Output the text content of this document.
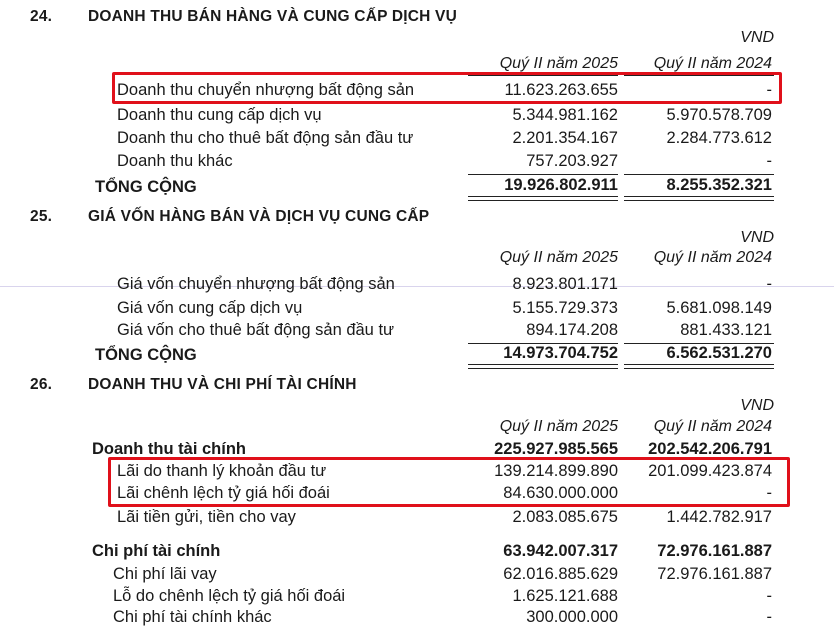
24. DOANH THU BÁN HÀNG VÀ CUNG CẤP DỊCH VỤ
VND
Quý II năm 2025 Quý II năm 2024
Doanh thu chuyển nhượng bất động sản	11.623.263.655	-
Doanh thu cung cấp dịch vụ	5.344.981.162	5.970.578.709
Doanh thu cho thuê bất động sản đầu tư	2.201.354.167	2.284.773.612
Doanh thu khác	757.203.927	-
TỔNG CỘNG	19.926.802.911	8.255.352.321
25. GIÁ VỐN HÀNG BÁN VÀ DỊCH VỤ CUNG CẤP
VND
Quý II năm 2025 Quý II năm 2024
Giá vốn chuyển nhượng bất động sản	8.923.801.171	-
Giá vốn cung cấp dịch vụ	5.155.729.373	5.681.098.149
Giá vốn cho thuê bất động sản đầu tư	894.174.208	881.433.121
TỔNG CỘNG	14.973.704.752	6.562.531.270
26. DOANH THU VÀ CHI PHÍ TÀI CHÍNH
VND
Quý II năm 2025 Quý II năm 2024
Doanh thu tài chính	225.927.985.565 202.542.206.791
Lãi do thanh lý khoản đầu tư	139.214.899.890 201.099.423.874
Lãi chênh lệch tỷ giá hối đoái	84.630.000.000	-
Lãi tiền gửi, tiền cho vay	2.083.085.675	1.442.782.917
Chi phí tài chính	63.942.007.317 72.976.161.887
Chi phí lãi vay	62.016.885.629 72.976.161.887
Lỗ do chênh lệch tỷ giá hối đoái	1.625.121.688	-
Chi phí tài chính khác	300.000.000	-
